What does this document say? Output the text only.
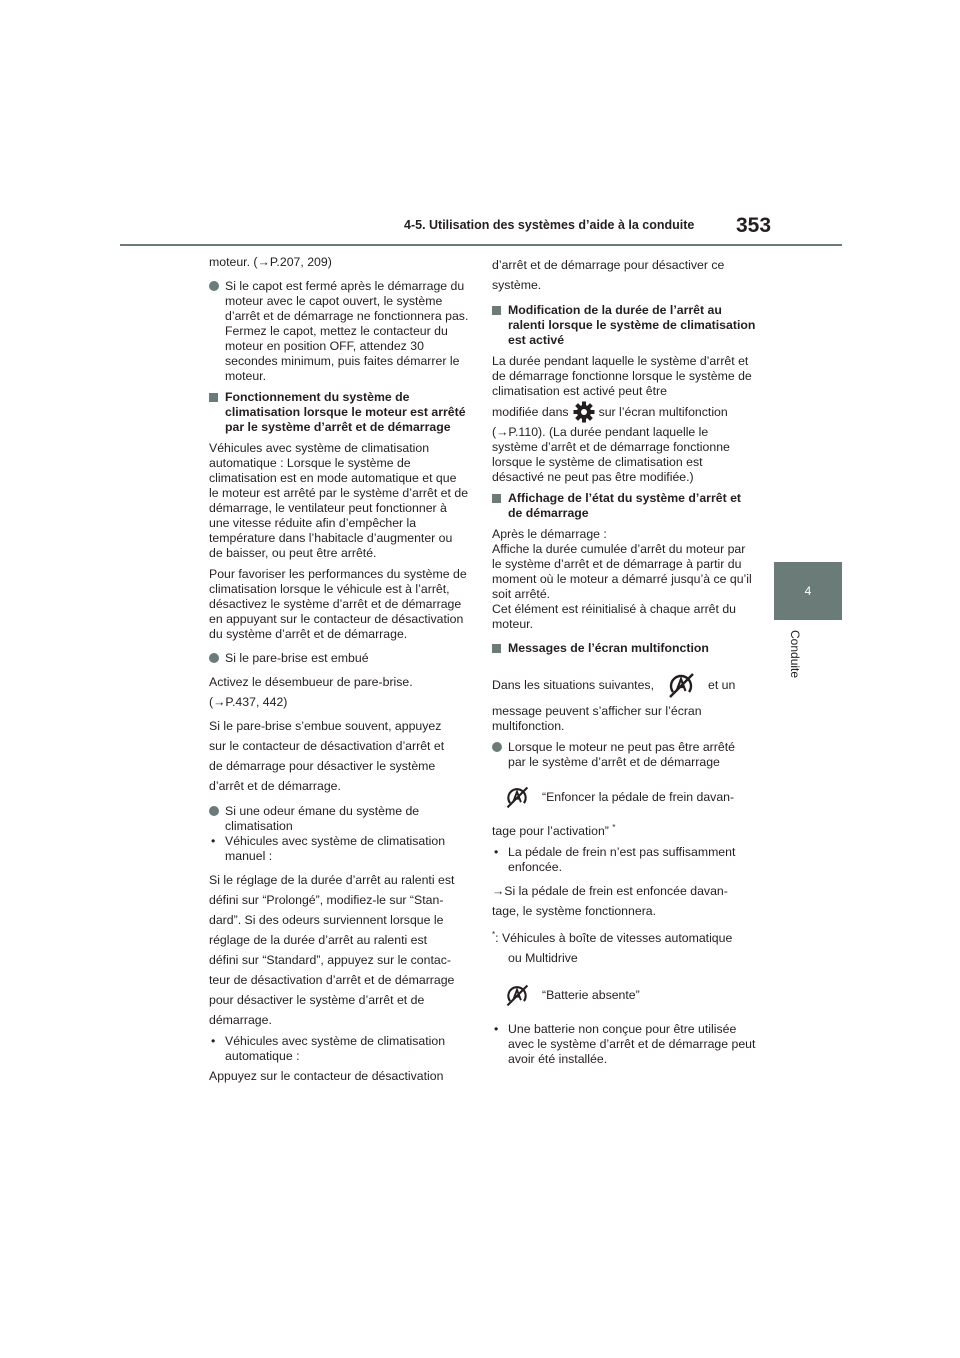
4-5. Utilisation des systèmes d’aide à la conduite 353
4
Conduite

moteur. (→P.207, 209)

Si le capot est fermé après le démarrage du moteur avec le capot ouvert, le système d’arrêt et de démarrage ne fonctionnera pas. Fermez le capot, mettez le contacteur du moteur en position OFF, attendez 30 secondes minimum, puis faites démarrer le moteur.
Fonctionnement du système de climatisation lorsque le moteur est arrêté par le système d’arrêt et de démarrage

Véhicules avec système de climatisation automatique : Lorsque le système de climatisation est en mode automatique et que le moteur est arrêté par le système d’arrêt et de démarrage, le ventilateur peut fonctionner à une vitesse réduite afin d’empêcher la température dans l’habitacle d’augmenter ou de baisser, ou peut être arrêté.

Pour favoriser les performances du système de climatisation lorsque le véhicule est à l’arrêt, désactivez le système d’arrêt et de démarrage en appuyant sur le contacteur de désactivation du système d’arrêt et de démarrage.

Si le pare-brise est embué

Activez le désembueur de pare-brise.

(→P.437, 442)

Si le pare-brise s’embue souvent, appuyez

sur le contacteur de désactivation d’arrêt et

de démarrage pour désactiver le système

d’arrêt et de démarrage.

Si une odeur émane du système de climatisation
• Véhicules avec système de climatisation manuel :

Si le réglage de la durée d’arrêt au ralenti est

défini sur “Prolongé”, modifiez-le sur “Stan-

dard”. Si des odeurs surviennent lorsque le

réglage de la durée d’arrêt au ralenti est

défini sur “Standard”, appuyez sur le contac-

teur de désactivation d’arrêt et de démarrage

pour désactiver le système d’arrêt et de

démarrage.

• Véhicules avec système de climatisation automatique :

Appuyez sur le contacteur de désactivation

d’arrêt et de démarrage pour désactiver ce

système.

Modification de la durée de l’arrêt au ralenti lorsque le système de climatisation est activé

La durée pendant laquelle le système d’arrêt et de démarrage fonctionne lorsque le système de climatisation est activé peut être

modifiée dans sur l’écran multifonction

(→P.110). (La durée pendant laquelle le système d’arrêt et de démarrage fonctionne lorsque le système de climatisation est désactivé ne peut pas être modifiée.)

Affichage de l’état du système d’arrêt et de démarrage

Après le démarrage :

Affiche la durée cumulée d’arrêt du moteur par le système d’arrêt et de démarrage à partir du moment où le moteur a démarré jusqu’à ce qu’il soit arrêté.

Cet élément est réinitialisé à chaque arrêt du moteur.

Messages de l’écran multifonction
Dans les situations suivantes,	et un

message peuvent s’afficher sur l’écran multifonction.

Lorsque le moteur ne peut pas être arrêté par le système d’arrêt et de démarrage
“Enfoncer la pédale de frein davan-

tage pour l’activation” *

• La pédale de frein n’est pas suffisamment enfoncée.

→Si la pédale de frein est enfoncée davan-

tage, le système fonctionnera.

*: Véhicules à boîte de vitesses automatique

ou Multidrive

“Batterie absente”
• Une batterie non conçue pour être utilisée avec le système d’arrêt et de démarrage peut avoir été installée.
